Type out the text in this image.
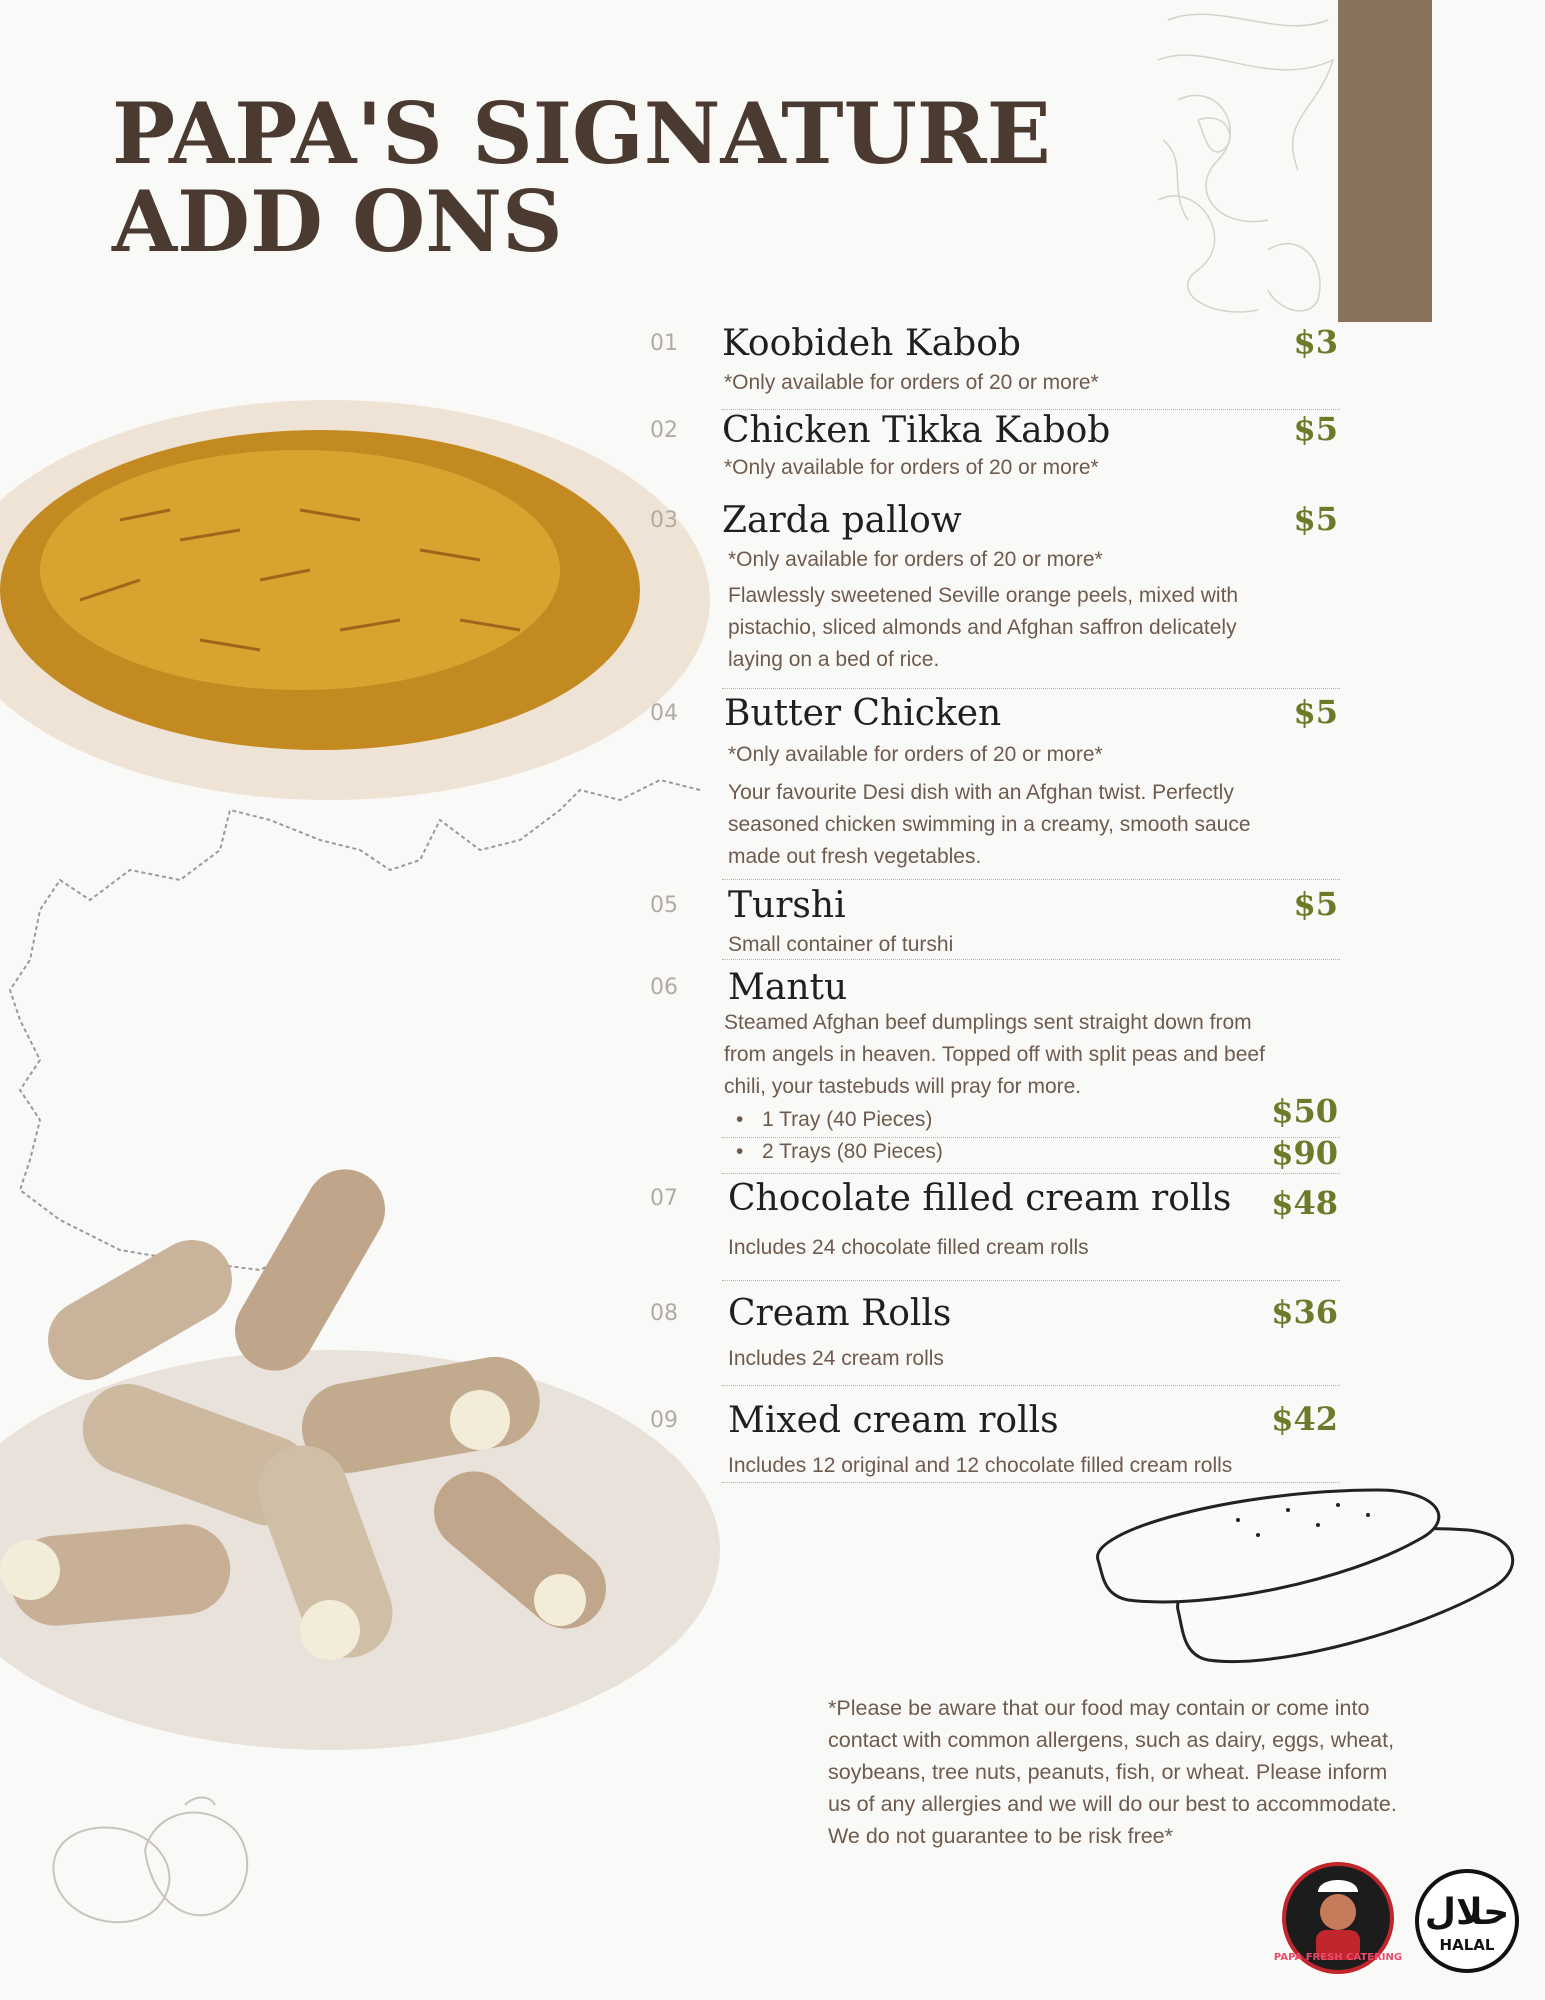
PAPA'S SIGNATURE
ADD ONS
01 Koobideh Kabob	$3
*Only available for orders of 20 or more*
02 Chicken Tikka Kabob	$5
*Only available for orders of 20 or more*
03 Zarda pallow	$5
*Only available for orders of 20 or more*
Flawlessly sweetened Seville orange peels, mixed with pistachio, sliced almonds and Afghan saffron delicately laying on a bed of rice.
04 Butter Chicken	$5
*Only available for orders of 20 or more*
Your favourite Desi dish with an Afghan twist. Perfectly seasoned chicken swimming in a creamy, smooth sauce made out fresh vegetables.
05 Turshi	$5
Small container of turshi
06 Mantu
Steamed Afghan beef dumplings sent straight down from from angels in heaven. Topped off with split peas and beef chili, your tastebuds will pray for more.
• 1 Tray (40 Pieces)	$50
• 2 Trays (80 Pieces)	$90
07 Chocolate filled cream rolls $48
Includes 24 chocolate filled cream rolls
08 Cream Rolls	$36
Includes 24 cream rolls
09 Mixed cream rolls	$42
Includes 12 original and 12 chocolate filled cream rolls

*Please be aware that our food may contain or come into contact with common allergens, such as dairy, eggs, wheat, soybeans, tree nuts, peanuts, fish, or wheat. Please inform us of any allergies and we will do our best to accommodate. We do not guarantee to be risk free*

PAPA FRESH CATERING
حلال
HALAL
